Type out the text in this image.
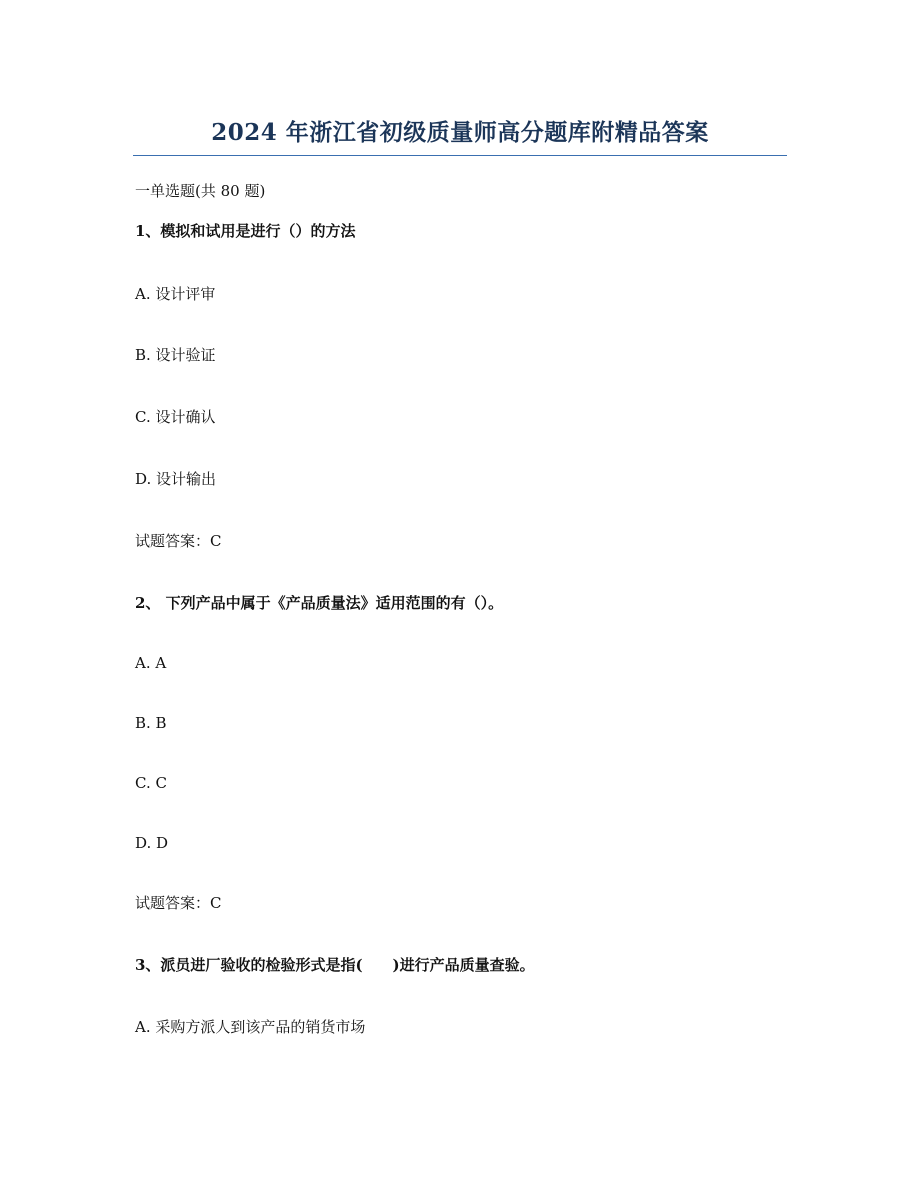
2024 年浙江省初级质量师高分题库附精品答案
一单选题(共 80 题)
1、模拟和试用是进行（）的方法
A. 设计评审
B. 设计验证
C. 设计确认
D. 设计输出
试题答案：C
2、 下列产品中属于《产品质量法》适用范围的有（）。
A. A
B. B
C. C
D. D
试题答案：C
3、派员进厂验收的检验形式是指(　　)进行产品质量查验。
A. 采购方派人到该产品的销货市场
